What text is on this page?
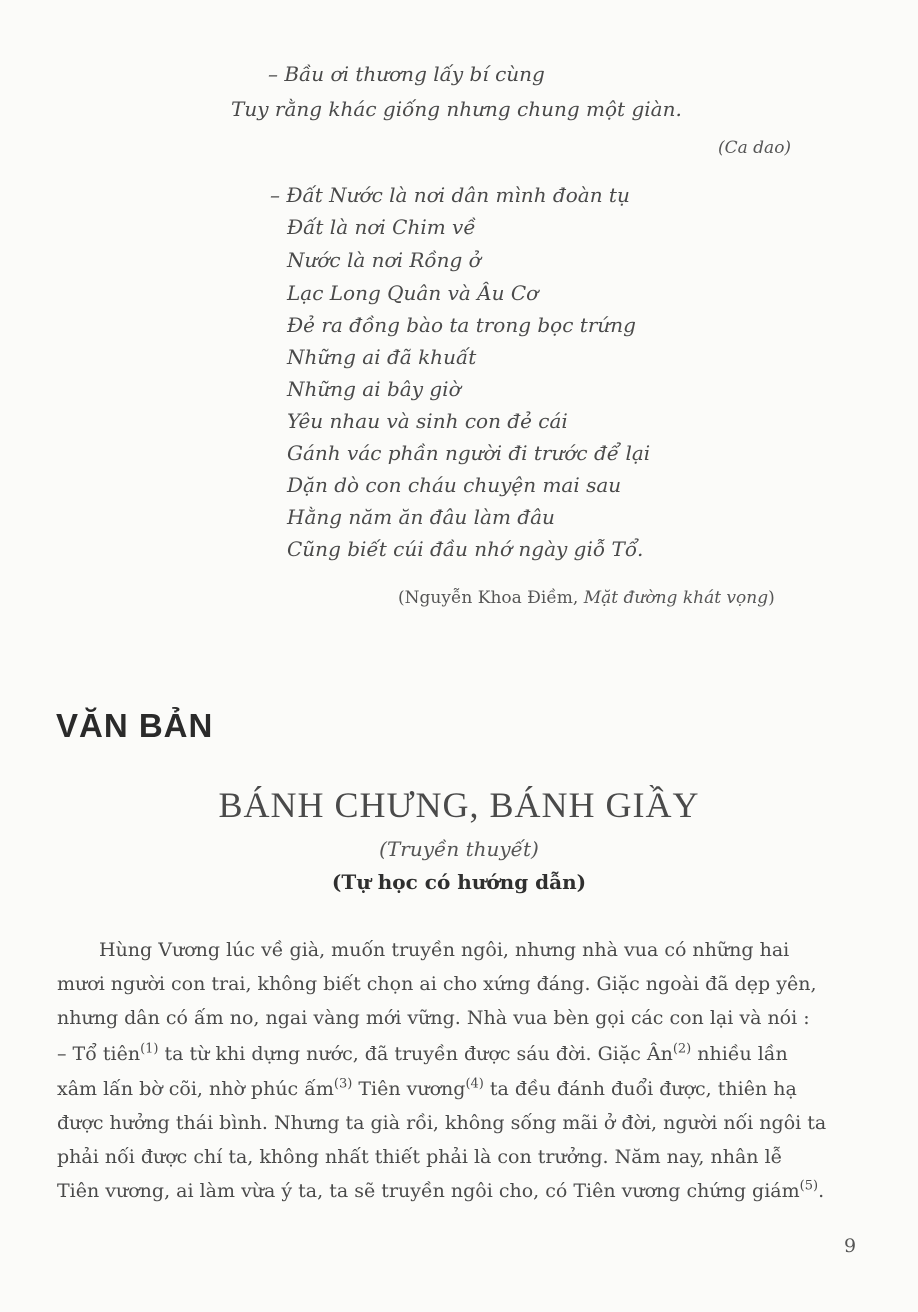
– Bầu ơi thương lấy bí cùng
Tuy rằng khác giống nhưng chung một giàn.
(Ca dao)
– Đất Nước là nơi dân mình đoàn tụ
Đất là nơi Chim về
Nước là nơi Rồng ở
Lạc Long Quân và Âu Cơ
Đẻ ra đồng bào ta trong bọc trứng
Những ai đã khuất
Những ai bây giờ
Yêu nhau và sinh con đẻ cái
Gánh vác phần người đi trước để lại
Dặn dò con cháu chuyện mai sau
Hằng năm ăn đâu làm đâu
Cũng biết cúi đầu nhớ ngày giỗ Tổ.
(Nguyễn Khoa Điềm, Mặt đường khát vọng)
VĂN BẢN
BÁNH CHƯNG, BÁNH GIẦY
(Truyền thuyết)
(Tự học có hướng dẫn)
Hùng Vương lúc về già, muốn truyền ngôi, nhưng nhà vua có những hai
mươi người con trai, không biết chọn ai cho xứng đáng. Giặc ngoài đã dẹp yên,
nhưng dân có ấm no, ngai vàng mới vững. Nhà vua bèn gọi các con lại và nói :
– Tổ tiên$^{(1)}$ ta từ khi dựng nước, đã truyền được sáu đời. Giặc $Ân^{(2)}$ nhiều lần
xâm lấn bờ cõi, nhờ phúc ấm$^{(3)}$ Tiên vương$^{(4)}$ ta đều đánh đuổi được, thiên hạ
được hưởng thái bình. Nhưng ta già rồi, không sống mãi ở đời, người nối ngôi ta
phải nối được chí ta, không nhất thiết phải là con trưởng. Năm nay, nhân lễ
Tiên vương, ai làm vừa ý ta, ta sẽ truyền ngôi cho, có Tiên vương chứng giám$^{(5)}$.
9
